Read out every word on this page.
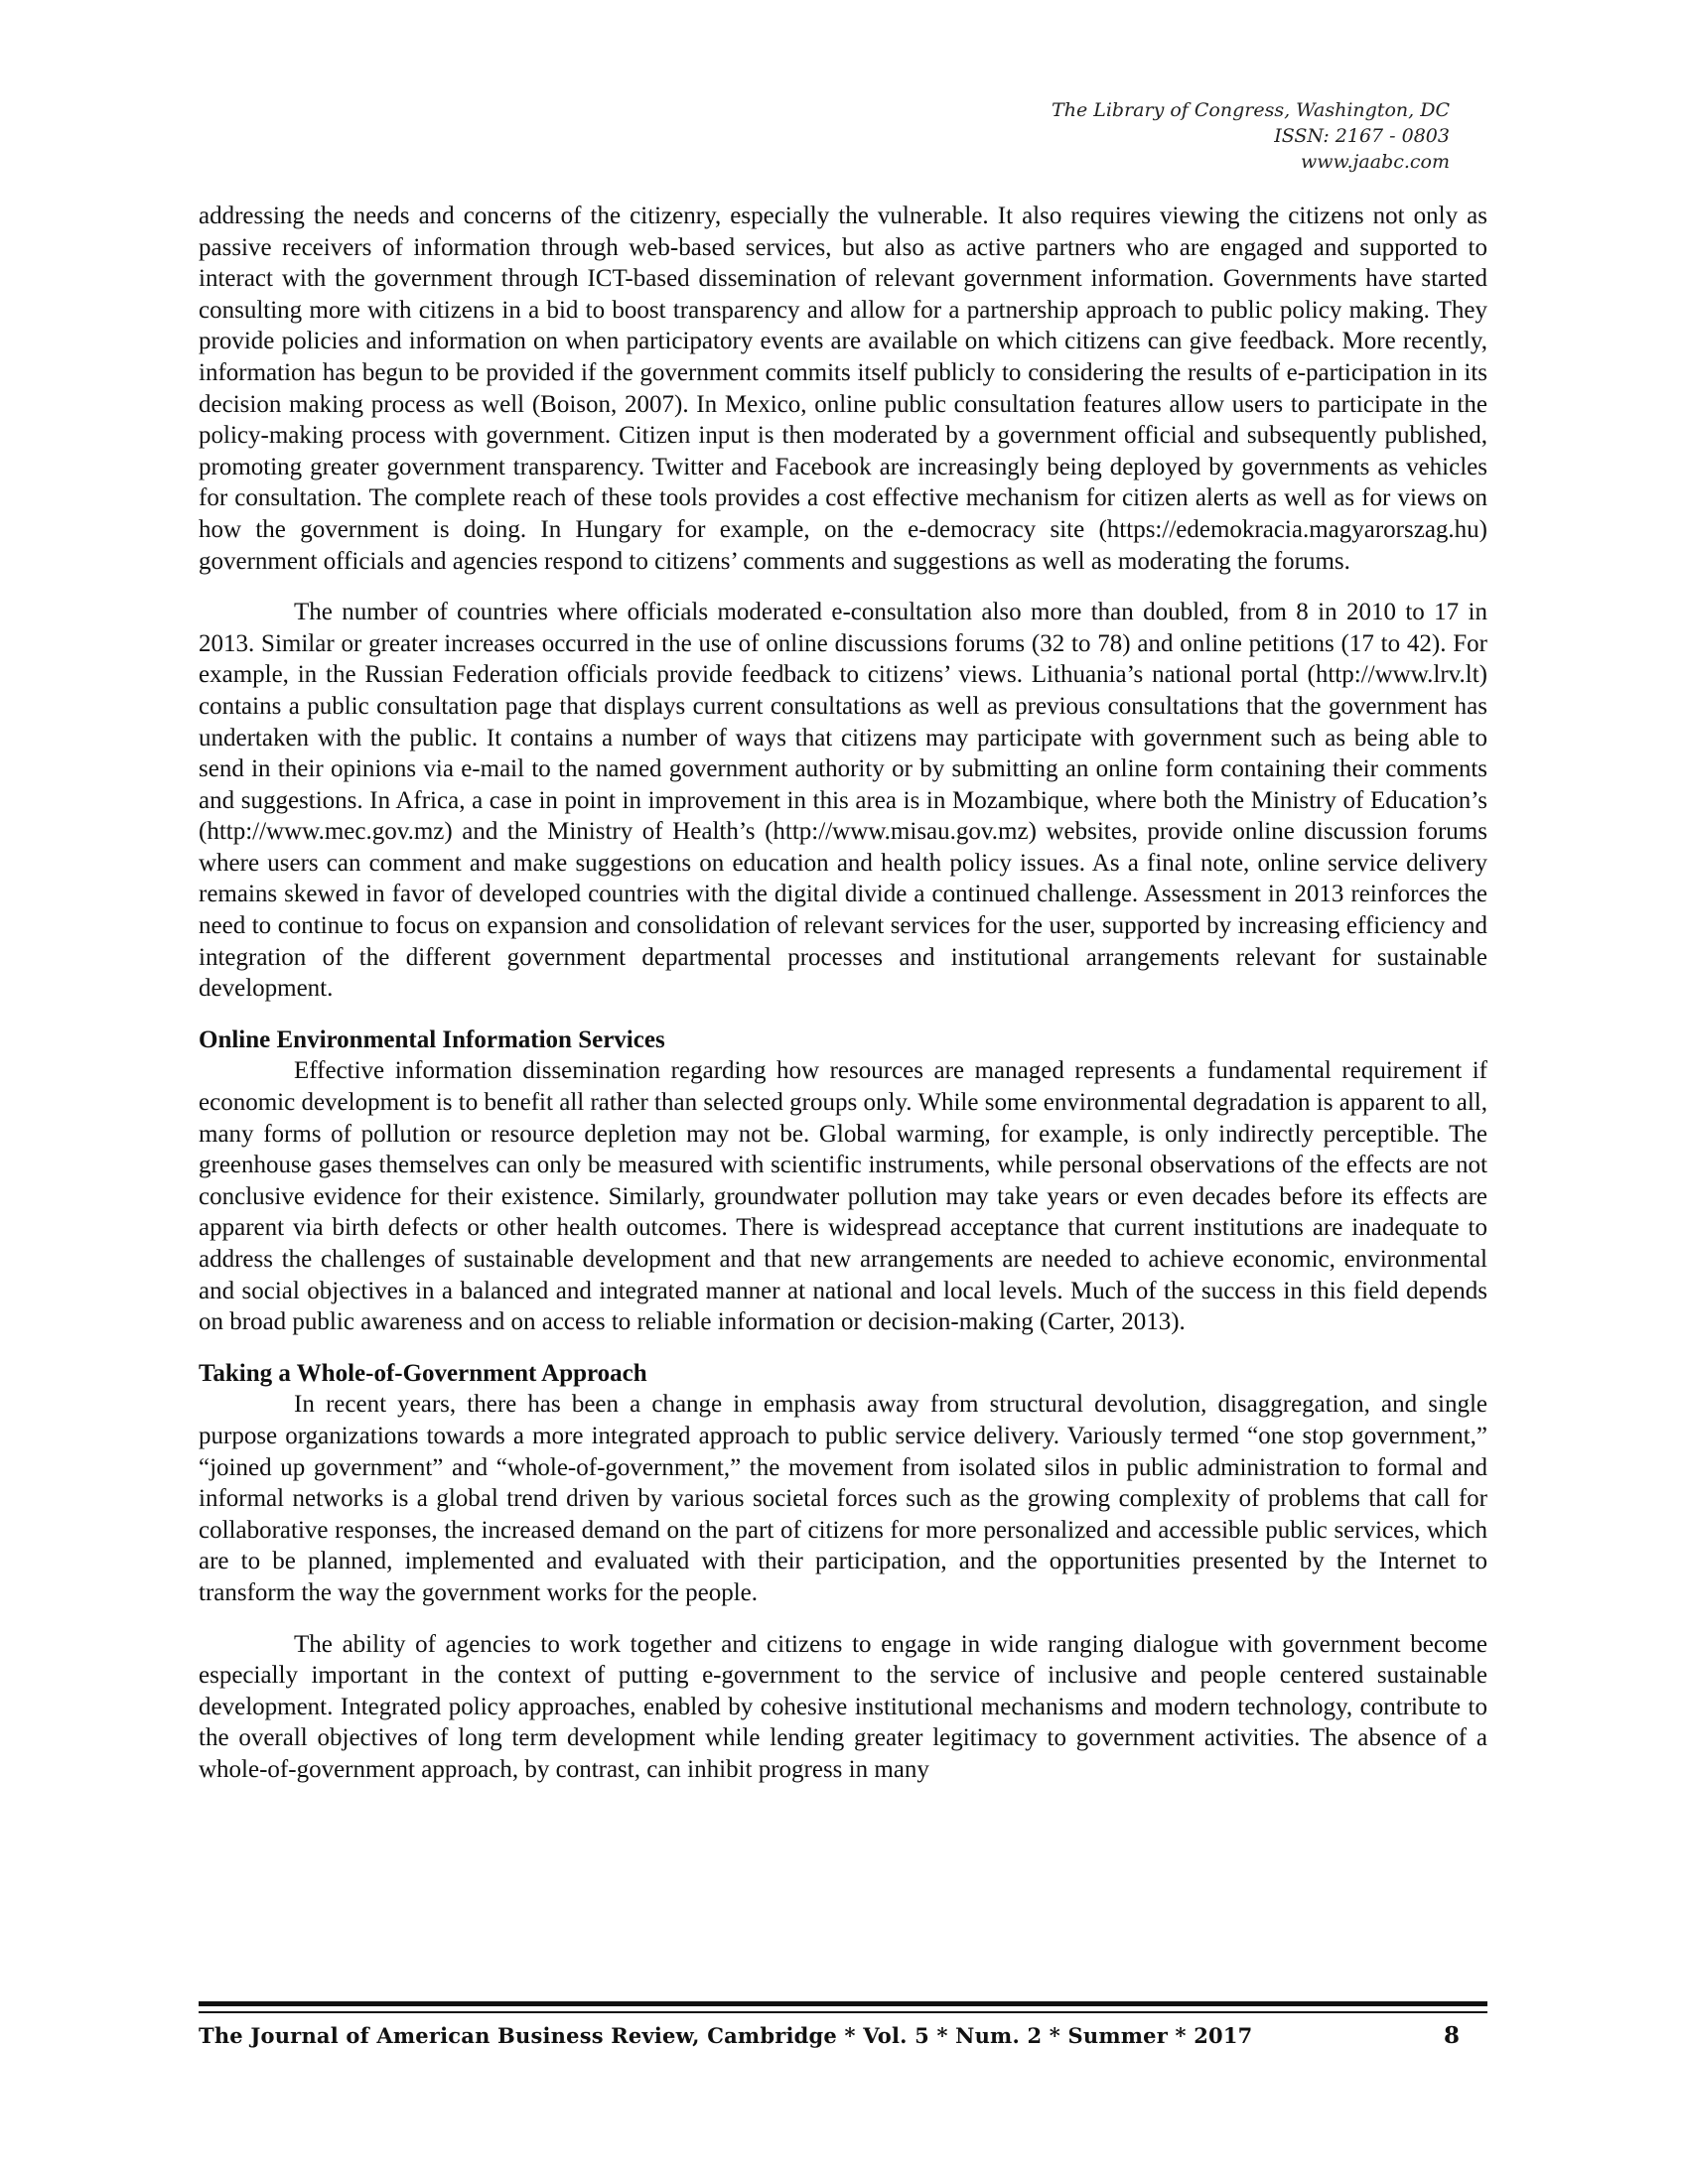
The Library of Congress, Washington, DC
ISSN: 2167 - 0803
www.jaabc.com

addressing the needs and concerns of the citizenry, especially the vulnerable. It also requires viewing the citizens not only as passive receivers of information through web-based services, but also as active partners who are engaged and supported to interact with the government through ICT-based dissemination of relevant government information. Governments have started consulting more with citizens in a bid to boost transparency and allow for a partnership approach to public policy making. They provide policies and information on when participatory events are available on which citizens can give feedback. More recently, information has begun to be provided if the government commits itself publicly to considering the results of e-participation in its decision making process as well (Boison, 2007). In Mexico, online public consultation features allow users to participate in the policy-making process with government. Citizen input is then moderated by a government official and subsequently published, promoting greater government transparency. Twitter and Facebook are increasingly being deployed by governments as vehicles for consultation. The complete reach of these tools provides a cost effective mechanism for citizen alerts as well as for views on how the government is doing. In Hungary for example, on the e-democracy site (https://edemokracia.magyarorszag.hu) government officials and agencies respond to citizens’ comments and suggestions as well as moderating the forums.

The number of countries where officials moderated e-consultation also more than doubled, from 8 in 2010 to 17 in 2013. Similar or greater increases occurred in the use of online discussions forums (32 to 78) and online petitions (17 to 42). For example, in the Russian Federation officials provide feedback to citizens’ views. Lithuania’s national portal (http://www.lrv.lt) contains a public consultation page that displays current consultations as well as previous consultations that the government has undertaken with the public. It contains a number of ways that citizens may participate with government such as being able to send in their opinions via e-mail to the named government authority or by submitting an online form containing their comments and suggestions. In Africa, a case in point in improvement in this area is in Mozambique, where both the Ministry of Education’s (http://www.mec.gov.mz) and the Ministry of Health’s (http://www.misau.gov.mz) websites, provide online discussion forums where users can comment and make suggestions on education and health policy issues. As a final note, online service delivery remains skewed in favor of developed countries with the digital divide a continued challenge. Assessment in 2013 reinforces the need to continue to focus on expansion and consolidation of relevant services for the user, supported by increasing efficiency and integration of the different government departmental processes and institutional arrangements relevant for sustainable development.

Online Environmental Information Services

Effective information dissemination regarding how resources are managed represents a fundamental requirement if economic development is to benefit all rather than selected groups only. While some environmental degradation is apparent to all, many forms of pollution or resource depletion may not be. Global warming, for example, is only indirectly perceptible. The greenhouse gases themselves can only be measured with scientific instruments, while personal observations of the effects are not conclusive evidence for their existence. Similarly, groundwater pollution may take years or even decades before its effects are apparent via birth defects or other health outcomes. There is widespread acceptance that current institutions are inadequate to address the challenges of sustainable development and that new arrangements are needed to achieve economic, environmental and social objectives in a balanced and integrated manner at national and local levels. Much of the success in this field depends on broad public awareness and on access to reliable information or decision-making (Carter, 2013).

Taking a Whole-of-Government Approach

In recent years, there has been a change in emphasis away from structural devolution, disaggregation, and single purpose organizations towards a more integrated approach to public service delivery. Variously termed “one stop government,” “joined up government” and “whole-of-government,” the movement from isolated silos in public administration to formal and informal networks is a global trend driven by various societal forces such as the growing complexity of problems that call for collaborative responses, the increased demand on the part of citizens for more personalized and accessible public services, which are to be planned, implemented and evaluated with their participation, and the opportunities presented by the Internet to transform the way the government works for the people.

The ability of agencies to work together and citizens to engage in wide ranging dialogue with government become especially important in the context of putting e-government to the service of inclusive and people centered sustainable development. Integrated policy approaches, enabled by cohesive institutional mechanisms and modern technology, contribute to the overall objectives of long term development while lending greater legitimacy to government activities. The absence of a whole-of-government approach, by contrast, can inhibit progress in many

The Journal of American Business Review, Cambridge * Vol. 5 * Num. 2 * Summer * 2017	8
